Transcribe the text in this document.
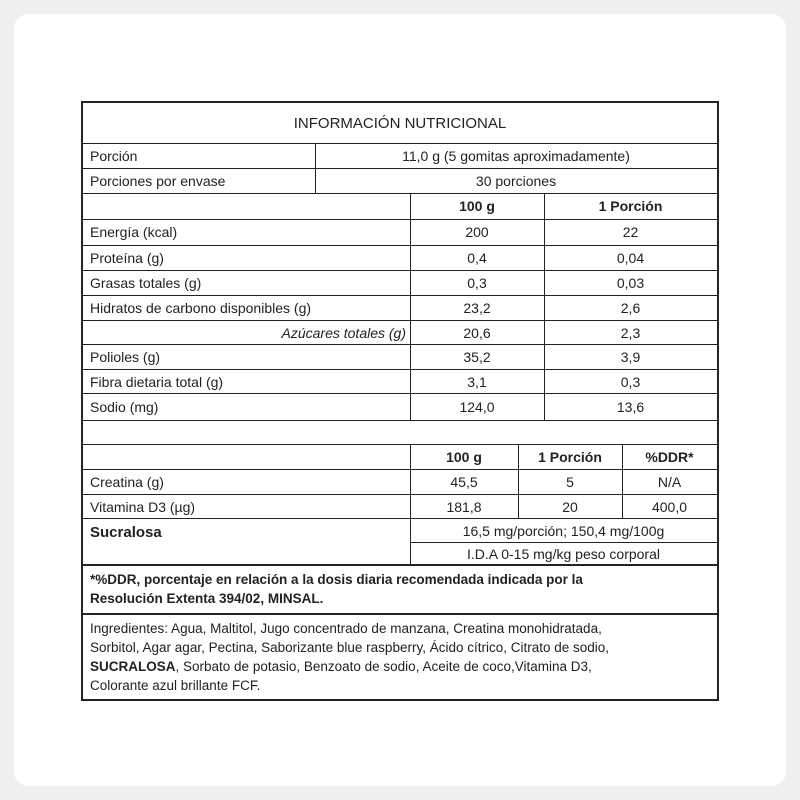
INFORMACIÓN NUTRICIONAL
Porción	11,0 g (5 gomitas aproximadamente)
Porciones por envase	30 porciones
100 g	1 Porción
Energía (kcal)	200	22
Proteína (g)	0,4	0,04
Grasas totales (g)	0,3	0,03
Hidratos de carbono disponibles (g)	23,2	2,6
Azúcares totales (g)	20,6	2,3
Polioles (g)	35,2	3,9
Fibra dietaria total (g)	3,1	0,3
Sodio (mg)	124,0	13,6
100 g	1 Porción	%DDR*
Creatina (g)	45,5	5	N/A
Vitamina D3 (µg)	181,8	20	400,0
Sucralosa	16,5 mg/porción; 150,4 mg/100g
I.D.A 0-15 mg/kg peso corporal
*%DDR, porcentaje en relación a la dosis diaria recomendada indicada por la
Resolución Extenta 394/02, MINSAL.
Ingredientes: Agua, Maltitol, Jugo concentrado de manzana, Creatina monohidratada,
Sorbitol, Agar agar, Pectina, Saborizante blue raspberry, Ácido cítrico, Citrato de sodio,
SUCRALOSA, Sorbato de potasio, Benzoato de sodio, Aceite de coco,Vitamina D3,
Colorante azul brillante FCF.
